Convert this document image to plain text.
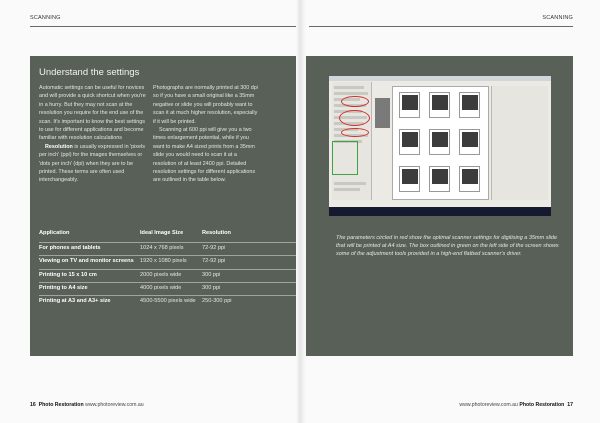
SCANNING
Understand the settings

Automatic settings can be useful for novices and will provide a quick shortcut when you're in a hurry. But they may not scan at the resolution you require for the end use of the scan. It's important to know the best settings to use for different applications and become familiar with resolution calculations

Resolution is usually expressed in 'pixels per inch' (ppi) for the images themselves or 'dots per inch' (dpi) when they are to be printed. These terms are often used interchangeably.

Photographs are normally printed at 300 dpi so if you have a small original like a 35mm negative or slide you will probably want to scan it at much higher resolution, especially if it will be printed.

Scanning at 600 ppi will give you a two times enlargement potential, while if you want to make A4 sized prints from a 35mm slide you would need to scan it at a resolution of at least 2400 ppi. Detailed resolution settings for different applications are outlined in the table below.

Application	Ideal Image Size	Resolution
For phones and tablets	1024 x 768 pixels	72-92 ppi
Viewing on TV and monitor screens	1920 x 1080 pixels	72-92 ppi
Printing to 15 x 10 cm	2000 pixels wide	300 ppi
Printing to A4 size	4000 pixels wide	300 ppi
Printing at A3 and A3+ size	4500-5500 pixels wide	250-300 ppi
16 Photo Restoration www.photoreview.com.au
SCANNING
The parameters circled in red show the optimal scanner settings for digitising a 35mm slide that will be printed at A4 size. The box outlined in green on the left side of the screen shows some of the adjustment tools provided in a high-end flatbed scanner's driver.
www.photoreview.com.au Photo Restoration 17
